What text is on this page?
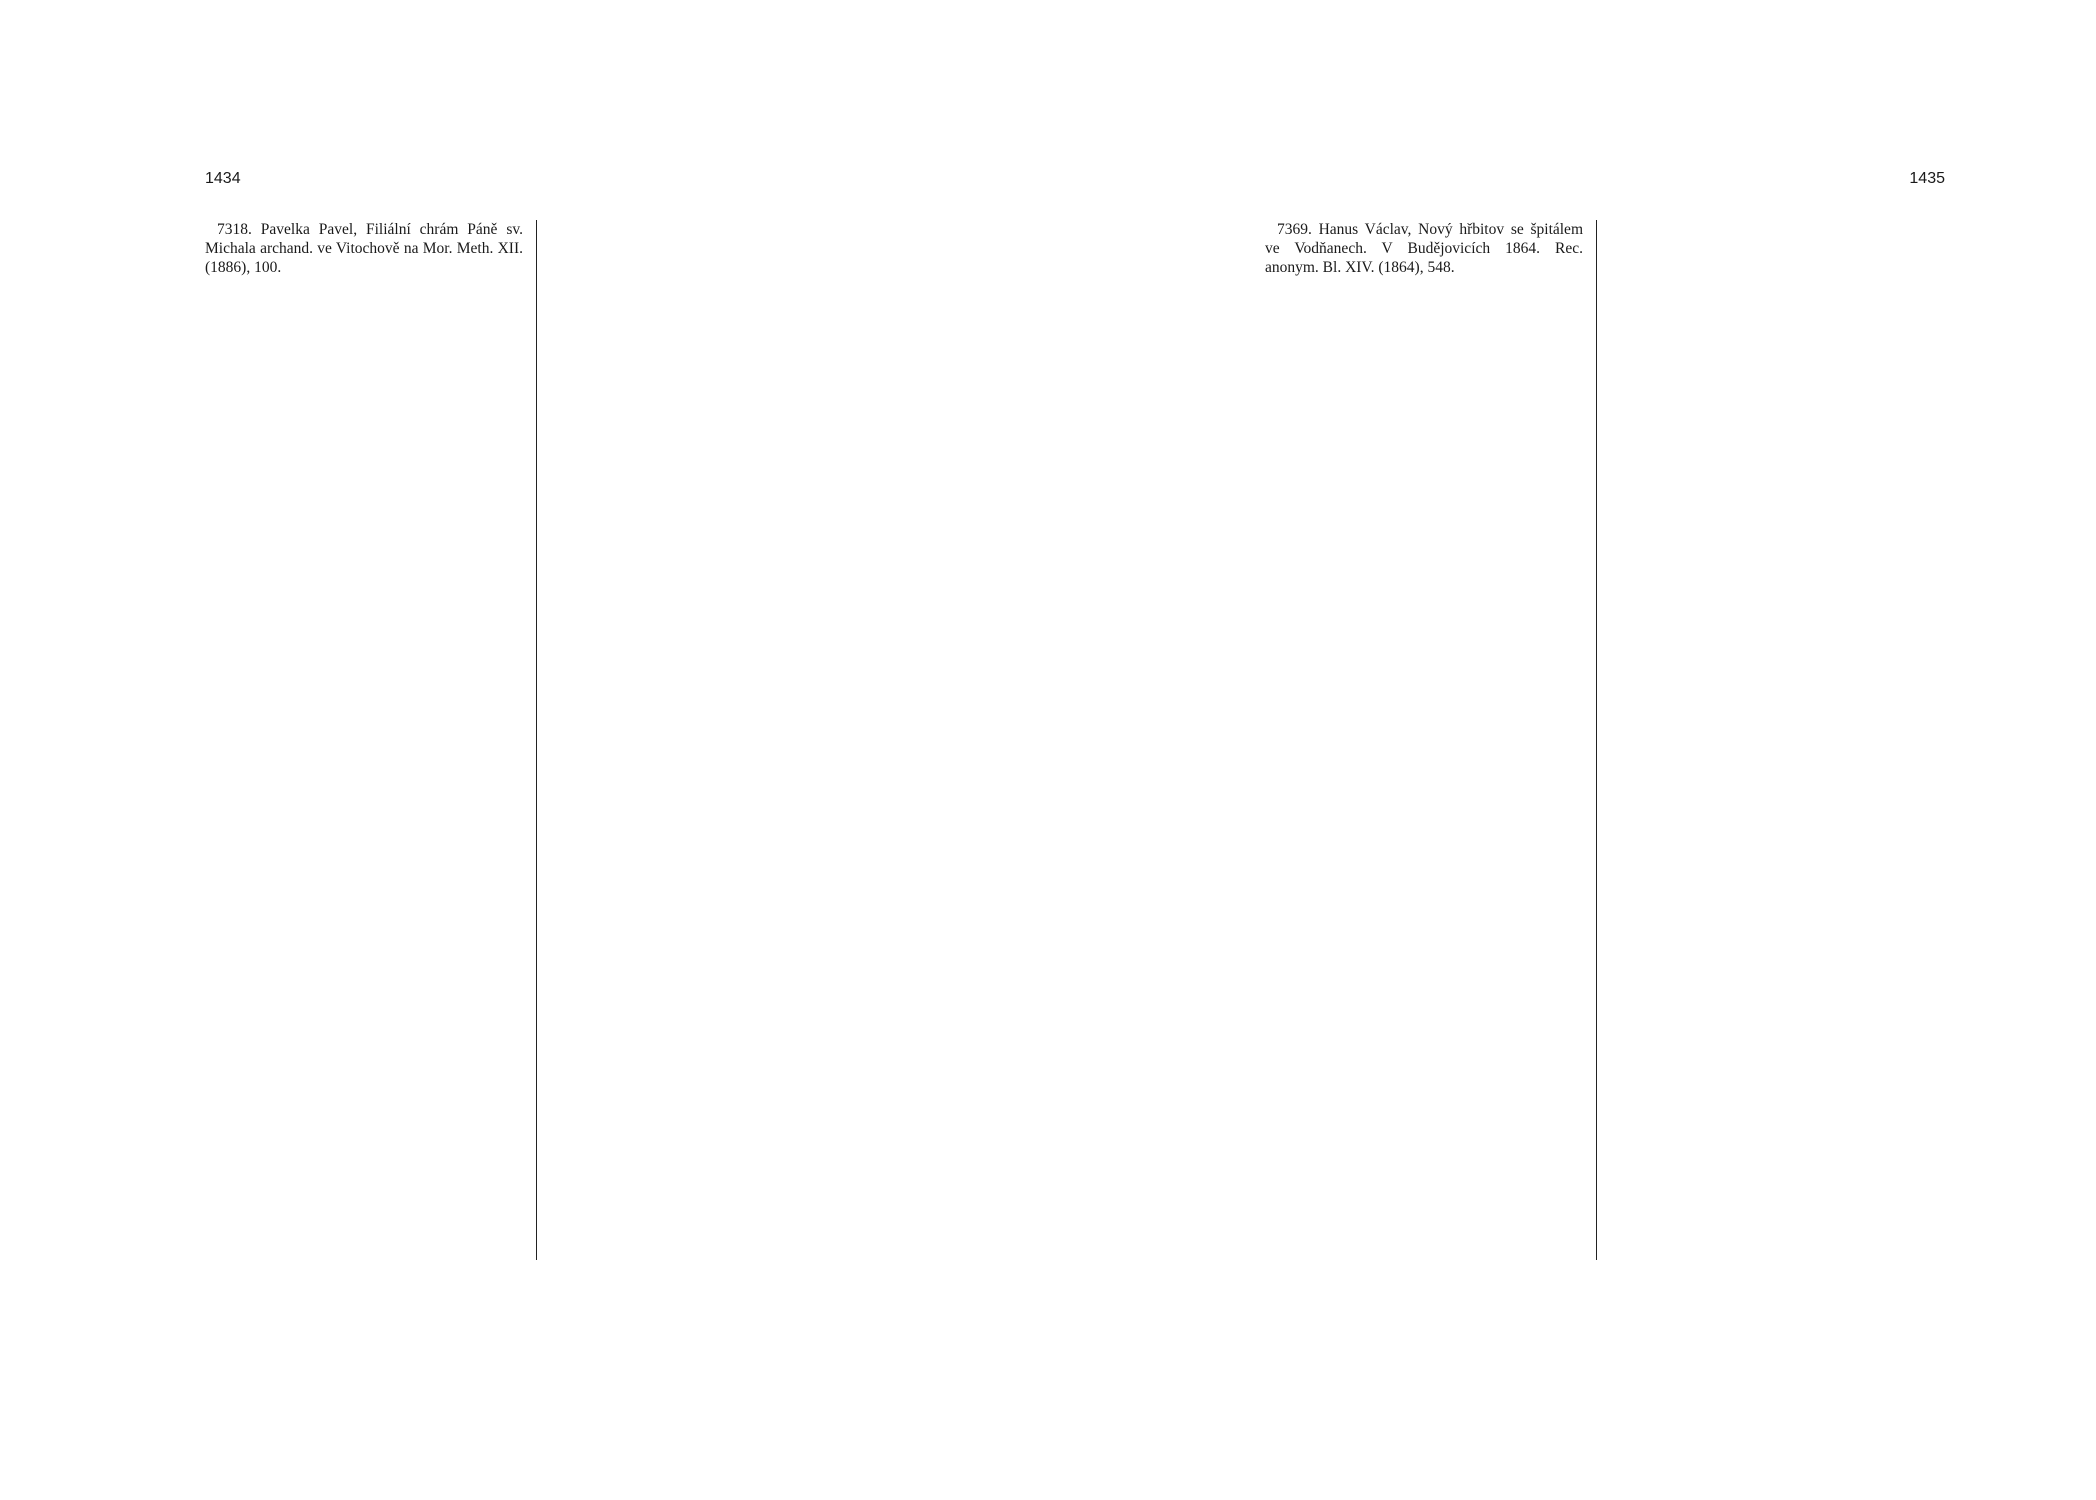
1434

7318. Pavelka Pavel, Filiální chrám Páně sv. Michala archand. ve Vitochově na Mor. Meth. XII. (1886), 100.

1435

7369. Hanus Václav, Nový hřbitov se špitálem ve Vodňanech. V Budějovicích 1864. Rec. anonym. Bl. XIV. (1864), 548.
